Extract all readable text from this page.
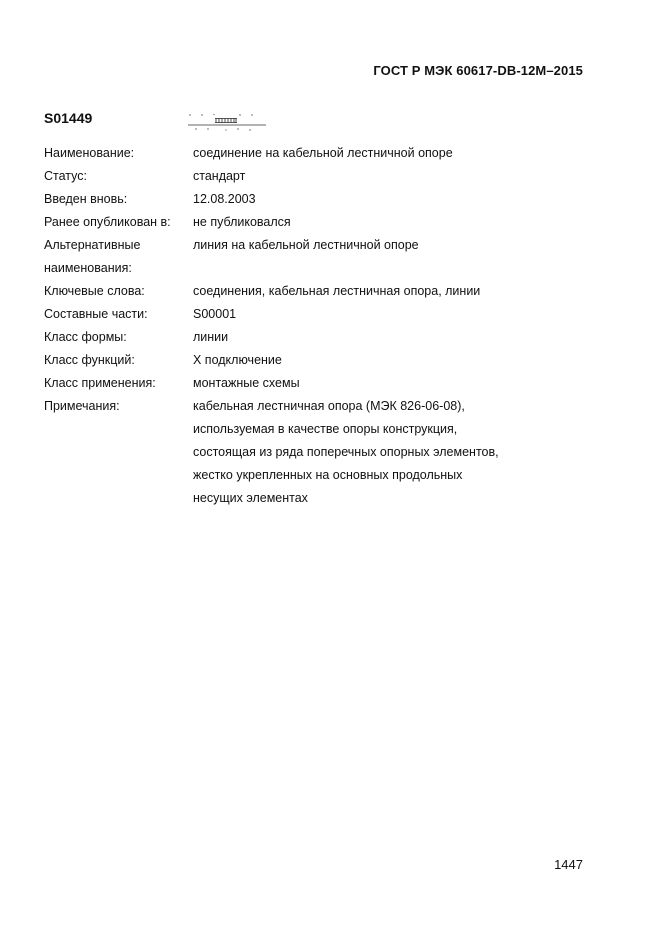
ГОСТ Р МЭК 60617-DB-12M–2015
S01449
Наименование:	соединение на кабельной лестничной опоре
Статус:	стандарт
Введен вновь:	12.08.2003
Ранее опубликован в:	не публиковался
Альтернативные наименования:
линия на кабельной лестничной опоре
Ключевые слова:	соединения, кабельная лестничная опора, линии
Составные части:	S00001
Класс формы:	линии
Класс функций:	X подключение
Класс применения:	монтажные схемы
Примечания:	кабельная лестничная опора (МЭК 826-06-08),
используемая в качестве опоры конструкция,
состоящая из ряда поперечных опорных элементов,
жестко укрепленных на основных продольных
несущих элементах
1447
